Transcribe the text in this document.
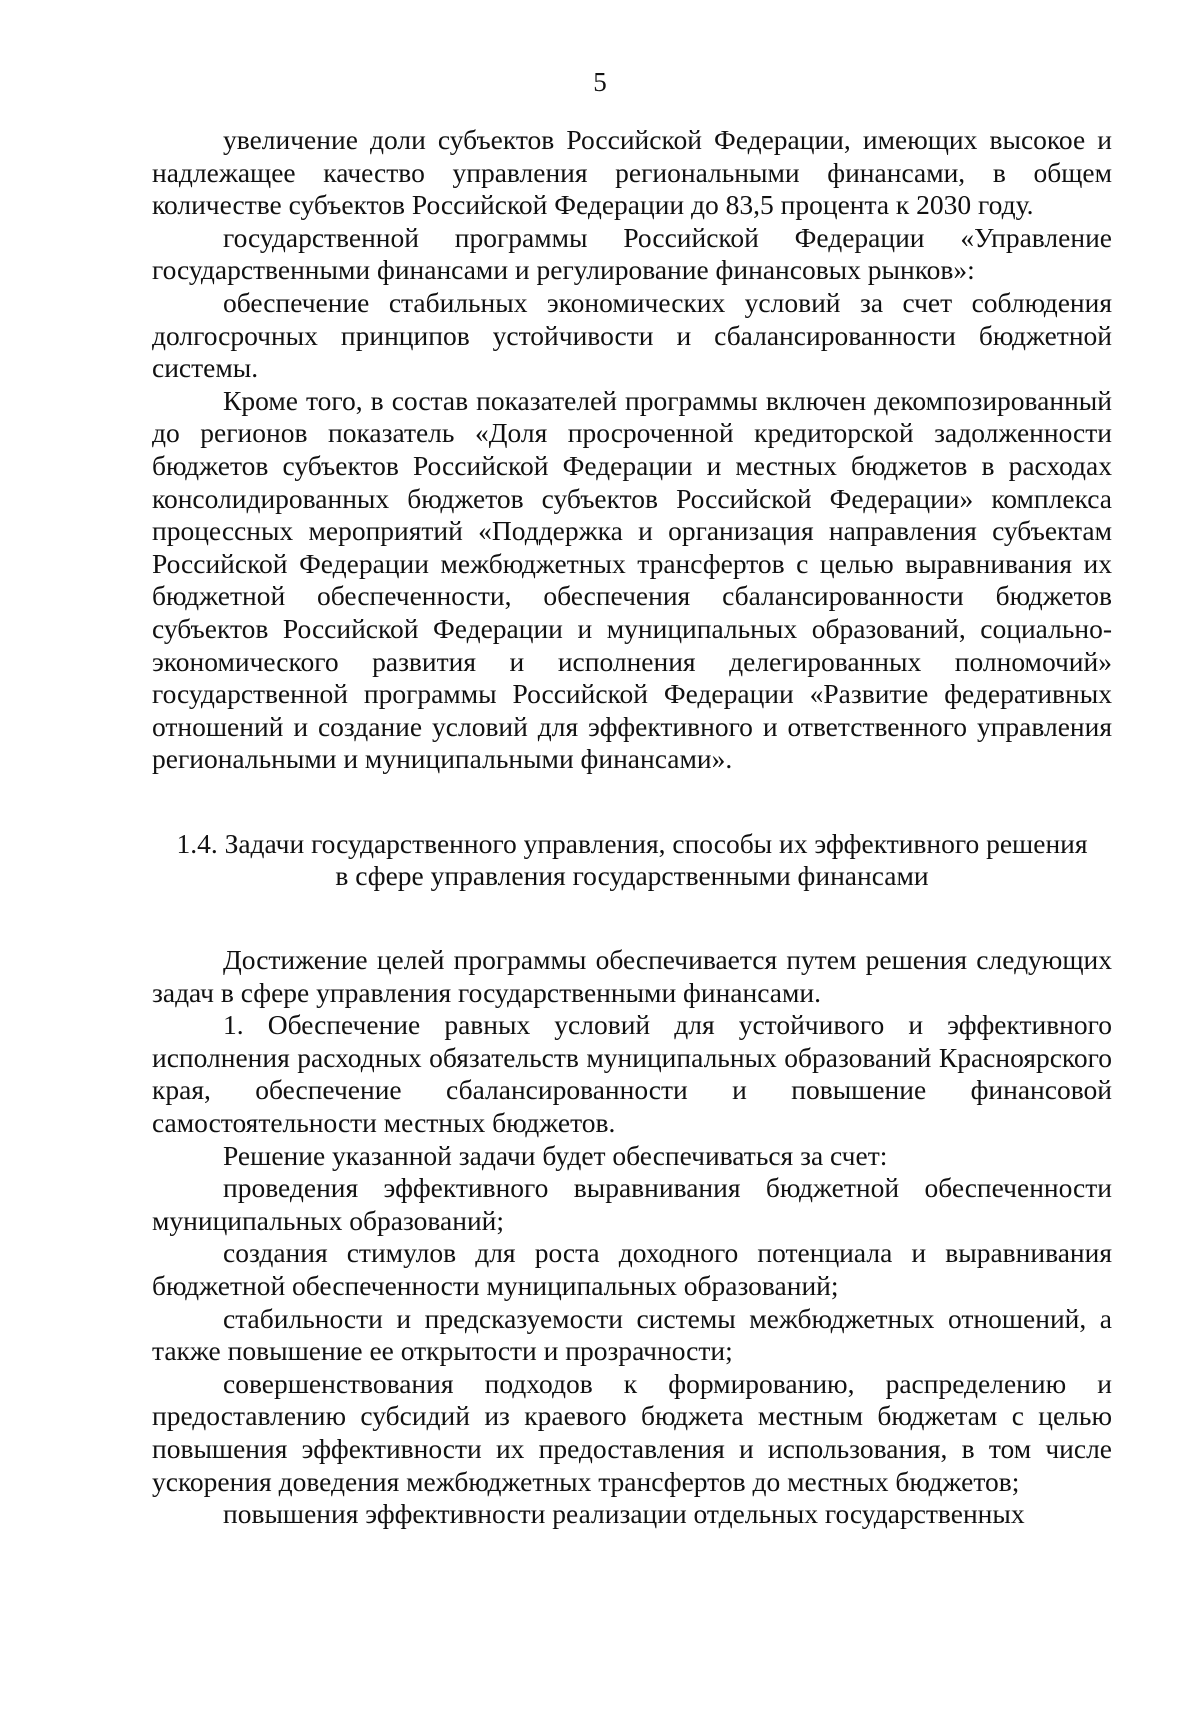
5

увеличение доли субъектов Российской Федерации, имеющих высокое и надлежащее качество управления региональными финансами, в общем количестве субъектов Российской Федерации до 83,5 процента к 2030 году.

государственной программы Российской Федерации «Управление государственными финансами и регулирование финансовых рынков»:

обеспечение стабильных экономических условий за счет соблюдения долгосрочных принципов устойчивости и сбалансированности бюджетной системы.

Кроме того, в состав показателей программы включен декомпозированный до регионов показатель «Доля просроченной кредиторской задолженности бюджетов субъектов Российской Федерации и местных бюджетов в расходах консолидированных бюджетов субъектов Российской Федерации» комплекса процессных мероприятий «Поддержка и организация направления субъектам Российской Федерации межбюджетных трансфертов с целью выравнивания их бюджетной обеспеченности, обеспечения сбалансированности бюджетов субъектов Российской Федерации и муниципальных образований, социально-экономического развития и исполнения делегированных полномочий» государственной программы Российской Федерации «Развитие федеративных отношений и создание условий для эффективного и ответственного управления региональными и муниципальными финансами».

1.4. Задачи государственного управления, способы их эффективного решения
в сфере управления государственными финансами

Достижение целей программы обеспечивается путем решения следующих задач в сфере управления государственными финансами.

1. Обеспечение равных условий для устойчивого и эффективного исполнения расходных обязательств муниципальных образований Красноярского края, обеспечение сбалансированности и повышение финансовой самостоятельности местных бюджетов.

Решение указанной задачи будет обеспечиваться за счет:

проведения эффективного выравнивания бюджетной обеспеченности муниципальных образований;

создания стимулов для роста доходного потенциала и выравнивания бюджетной обеспеченности муниципальных образований;

стабильности и предсказуемости системы межбюджетных отношений, а также повышение ее открытости и прозрачности;

совершенствования подходов к формированию, распределению и предоставлению субсидий из краевого бюджета местным бюджетам с целью повышения эффективности их предоставления и использования, в том числе ускорения доведения межбюджетных трансфертов до местных бюджетов;

повышения эффективности реализации отдельных государственных
